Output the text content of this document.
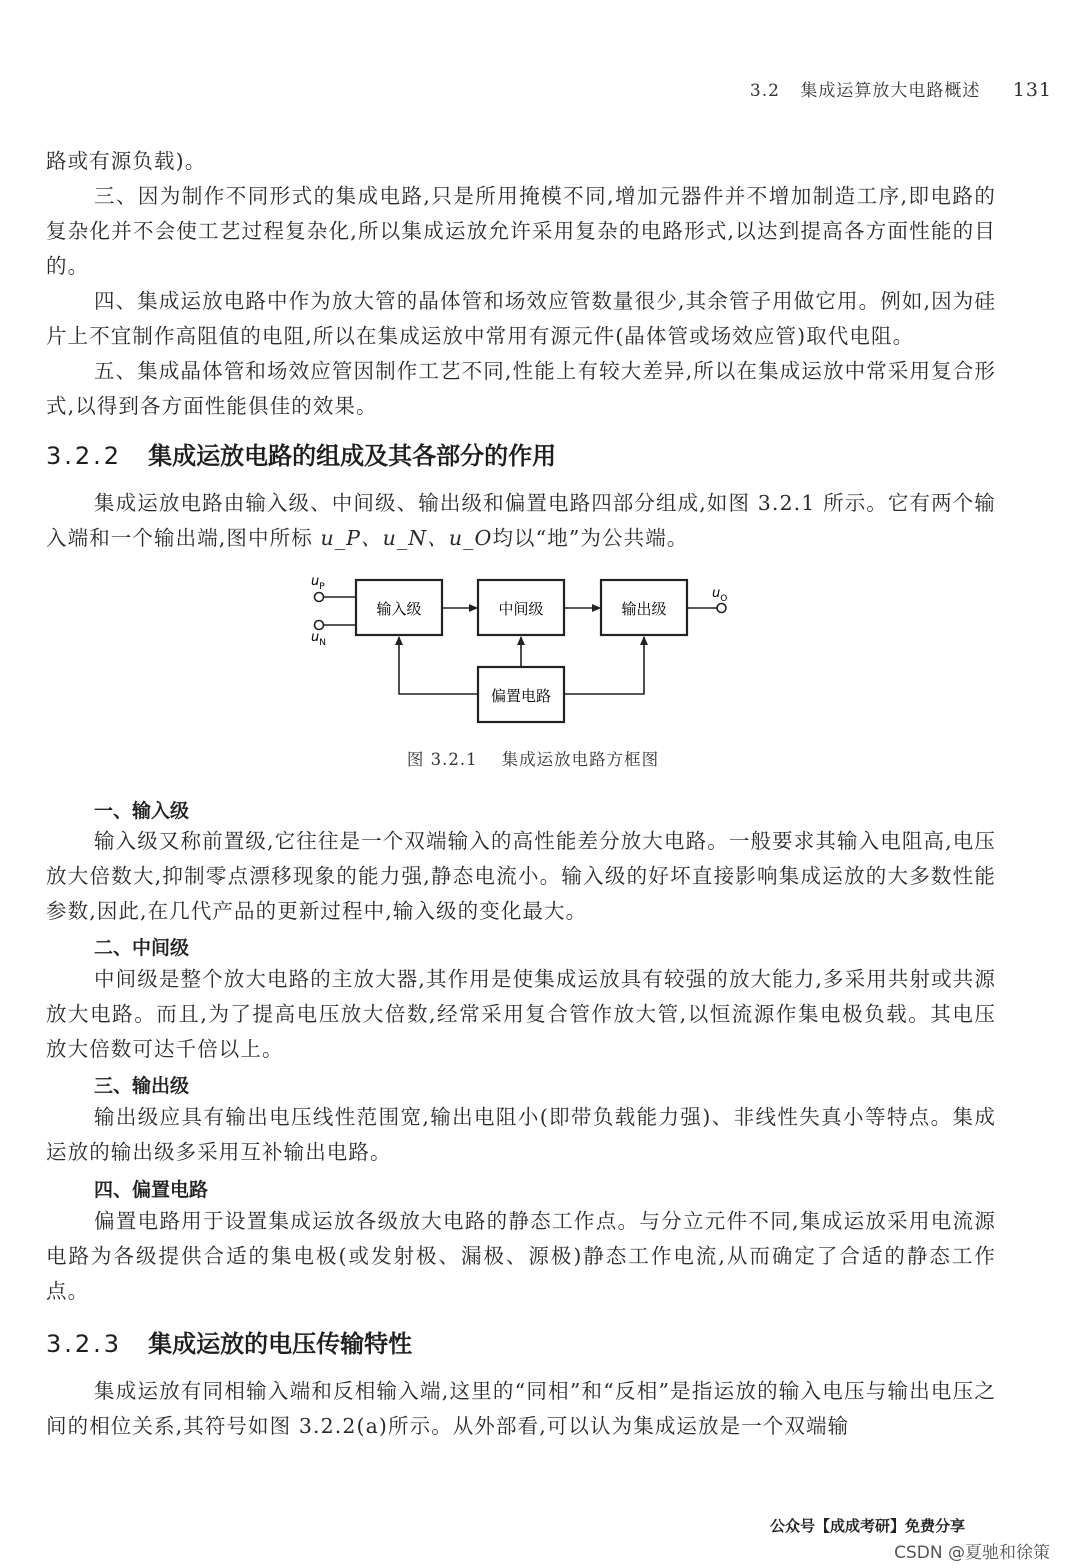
3.2 集成运算放大电路概述 131

路或有源负载)。

三、因为制作不同形式的集成电路,只是所用掩模不同,增加元器件并不增加制造工序,即电路的复杂化并不会使工艺过程复杂化,所以集成运放允许采用复杂的电路形式,以达到提高各方面性能的目的。

四、集成运放电路中作为放大管的晶体管和场效应管数量很少,其余管子用做它用。例如,因为硅片上不宜制作高阻值的电阻,所以在集成运放中常用有源元件(晶体管或场效应管)取代电阻。

五、集成晶体管和场效应管因制作工艺不同,性能上有较大差异,所以在集成运放中常采用复合形式,以得到各方面性能俱佳的效果。

3.2.2 集成运放电路的组成及其各部分的作用

集成运放电路由输入级、中间级、输出级和偏置电路四部分组成,如图 3.2.1 所示。它有两个输入端和一个输出端,图中所标 u_P、u_N、u_O均以“地”为公共端。

$u_P$
$u_N$
输入级	中间级	输出级
偏置电路
$u_O$
图 3.2.1 集成运放电路方框图
一、输入级

输入级又称前置级,它往往是一个双端输入的高性能差分放大电路。一般要求其输入电阻高,电压放大倍数大,抑制零点漂移现象的能力强,静态电流小。输入级的好坏直接影响集成运放的大多数性能参数,因此,在几代产品的更新过程中,输入级的变化最大。

二、中间级

中间级是整个放大电路的主放大器,其作用是使集成运放具有较强的放大能力,多采用共射或共源放大电路。而且,为了提高电压放大倍数,经常采用复合管作放大管,以恒流源作集电极负载。其电压放大倍数可达千倍以上。

三、输出级

输出级应具有输出电压线性范围宽,输出电阻小(即带负载能力强)、非线性失真小等特点。集成运放的输出级多采用互补输出电路。

四、偏置电路

偏置电路用于设置集成运放各级放大电路的静态工作点。与分立元件不同,集成运放采用电流源电路为各级提供合适的集电极(或发射极、漏极、源极)静态工作电流,从而确定了合适的静态工作点。

3.2.3 集成运放的电压传输特性

集成运放有同相输入端和反相输入端,这里的“同相”和“反相”是指运放的输入电压与输出电压之间的相位关系,其符号如图 3.2.2(a)所示。从外部看,可以认为集成运放是一个双端输

公众号【成成考研】免费分享
CSDN @夏驰和徐策
